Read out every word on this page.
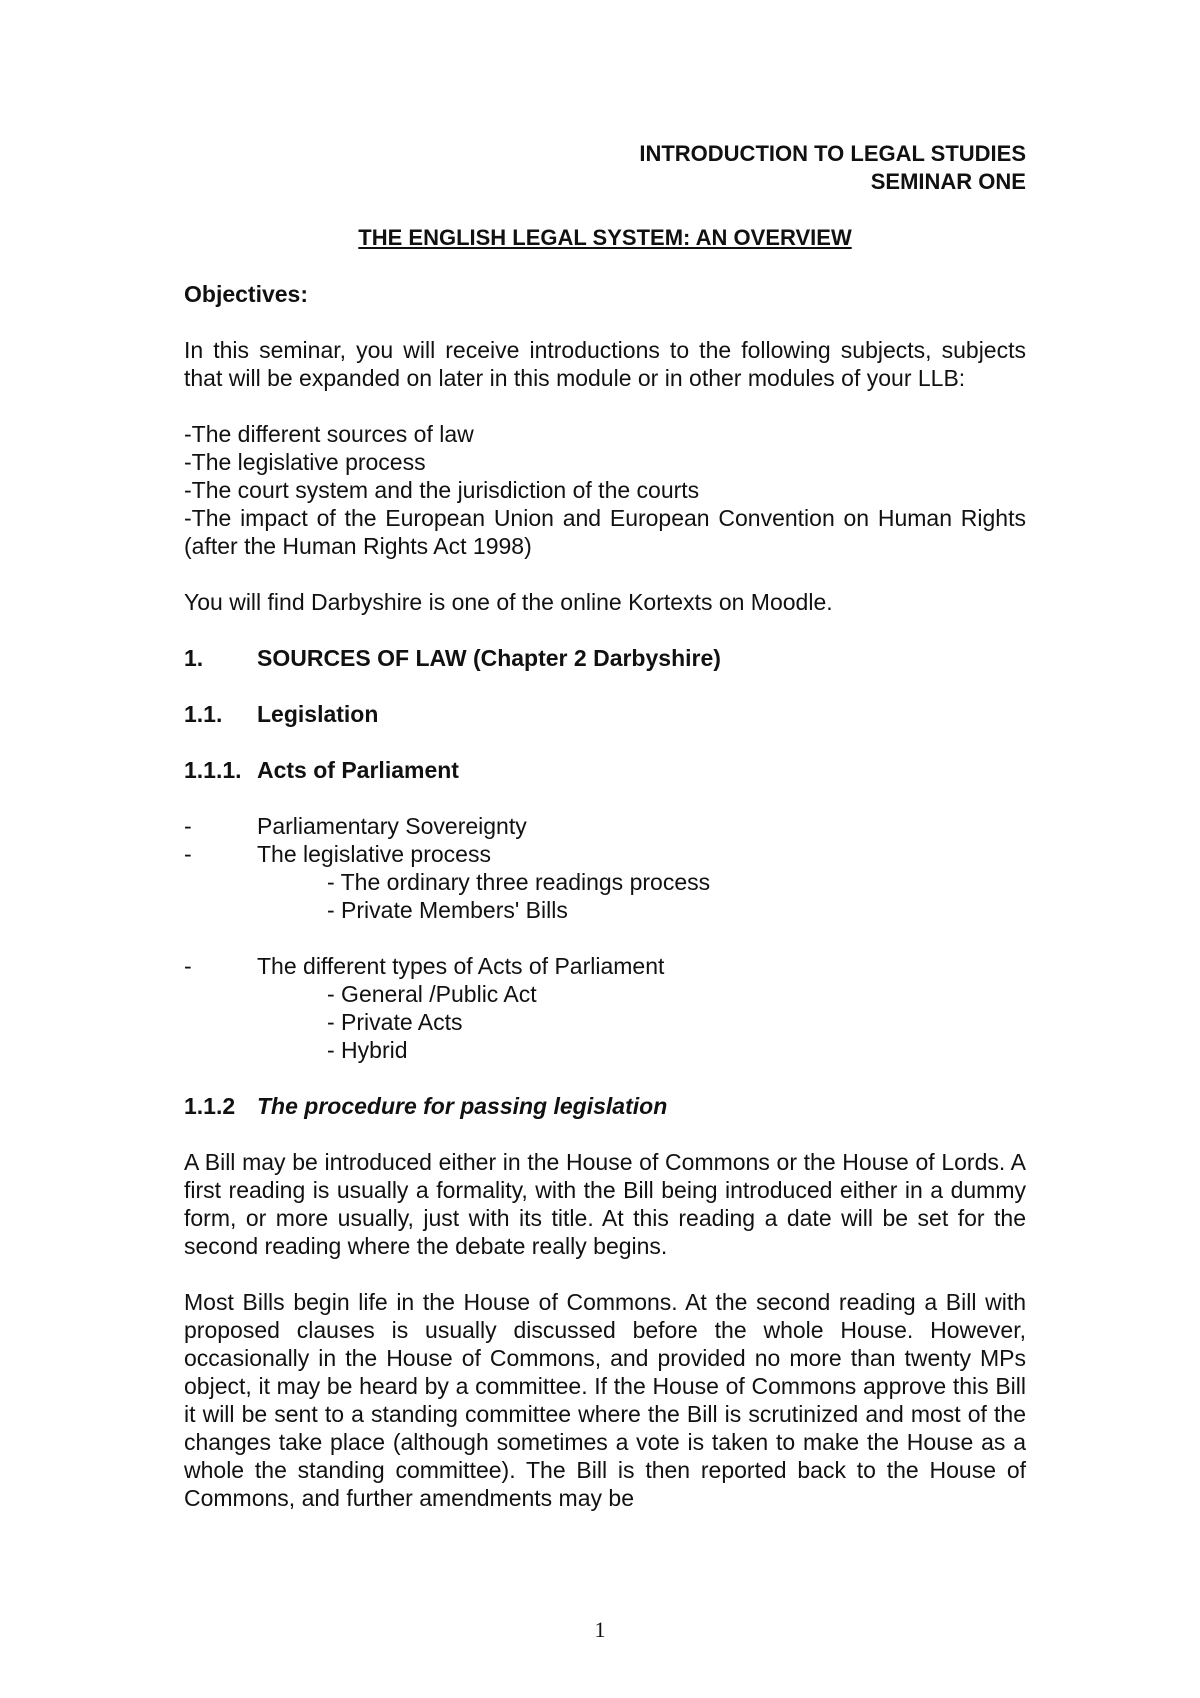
INTRODUCTION TO LEGAL STUDIES
SEMINAR ONE
THE ENGLISH LEGAL SYSTEM: AN OVERVIEW
Objectives:
In this seminar, you will receive introductions to the following subjects, subjects that will be expanded on later in this module or in other modules of your LLB:
-The different sources of law
-The legislative process
-The court system and the jurisdiction of the courts
-The impact of the European Union and European Convention on Human Rights (after the Human Rights Act 1998)
You will find Darbyshire is one of the online Kortexts on Moodle.
1.	SOURCES OF LAW (Chapter 2 Darbyshire)
1.1.	Legislation
1.1.1. Acts of Parliament
-	Parliamentary Sovereignty
-	The legislative process
- The ordinary three readings process
- Private Members' Bills
-	The different types of Acts of Parliament
- General /Public Act
- Private Acts
- Hybrid
1.1.2 The procedure for passing legislation
A Bill may be introduced either in the House of Commons or the House of Lords. A first reading is usually a formality, with the Bill being introduced either in a dummy form, or more usually, just with its title. At this reading a date will be set for the second reading where the debate really begins.
Most Bills begin life in the House of Commons. At the second reading a Bill with proposed clauses is usually discussed before the whole House. However, occasionally in the House of Commons, and provided no more than twenty MPs object, it may be heard by a committee. If the House of Commons approve this Bill it will be sent to a standing committee where the Bill is scrutinized and most of the changes take place (although sometimes a vote is taken to make the House as a whole the standing committee). The Bill is then reported back to the House of Commons, and further amendments may be
1
